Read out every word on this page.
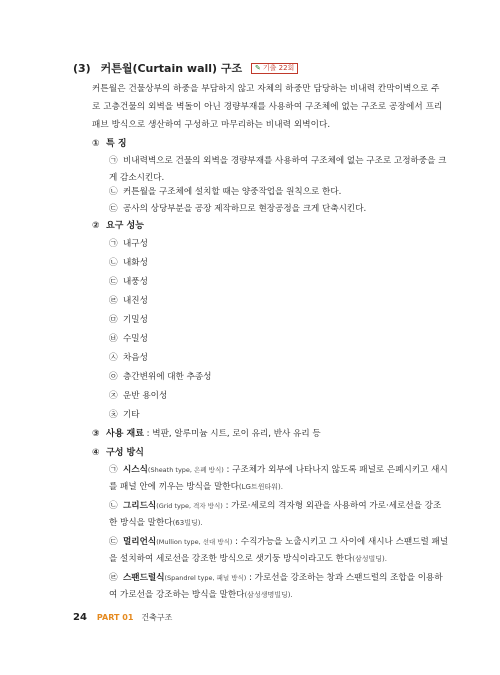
(3) 커튼월(Curtain wall) 구조 ✎ 기출 22회
커튼월은 건물상부의 하중을 부담하지 않고 자체의 하중만 담당하는 비내력 칸막이벽으로 주로 고층건물의 외벽을 벽돌이 아닌 경량부재를 사용하여 구조체에 없는 구조로 공장에서 프리패브 방식으로 생산하여 구성하고 마무리하는 비내력 외벽이다.
① 특 징
㉠ 비내력벽으로 건물의 외벽을 경량부재를 사용하여 구조체에 없는 구조로 고정하중을 크게 감소시킨다.
㉡ 커튼월을 구조체에 설치할 때는 양중작업을 원칙으로 한다.
㉢ 공사의 상당부분을 공장 제작하므로 현장공정을 크게 단축시킨다.
② 요구 성능
㉠ 내구성
㉡ 내화성
㉢ 내풍성
㉣ 내진성
㉤ 기밀성
㉥ 수밀성
㉦ 차음성
㉧ 층간변위에 대한 추종성
㉨ 운반 용이성
㉩ 기타
③ 사용 재료 : 벽판, 알루미늄 시트, 로이 유리, 반사 유리 등
④ 구성 방식
㉠ 시스식(Sheath type, 은폐 방식) : 구조체가 외부에 나타나지 않도록 패널로 은폐시키고 새시를 패널 안에 끼우는 방식을 말한다(LG트윈타워).
㉡ 그리드식(Grid type, 격자 방식) : 가로·세로의 격자형 외관을 사용하여 가로·세로선을 강조한 방식을 말한다(63빌딩).
㉢ 멀리언식(Mullion type, 선대 방식) : 수직가능을 노출시키고 그 사이에 새시나 스팬드럴 패널을 설치하여 세로선을 강조한 방식으로 샛기둥 방식이라고도 한다(삼성빌딩).
㉣ 스팬드럴식(Spandrel type, 패널 방식) : 가로선을 강조하는 창과 스팬드럴의 조합을 이용하여 가로선을 강조하는 방식을 말한다(삼성생명빌딩).
24 PART 01 건축구조
